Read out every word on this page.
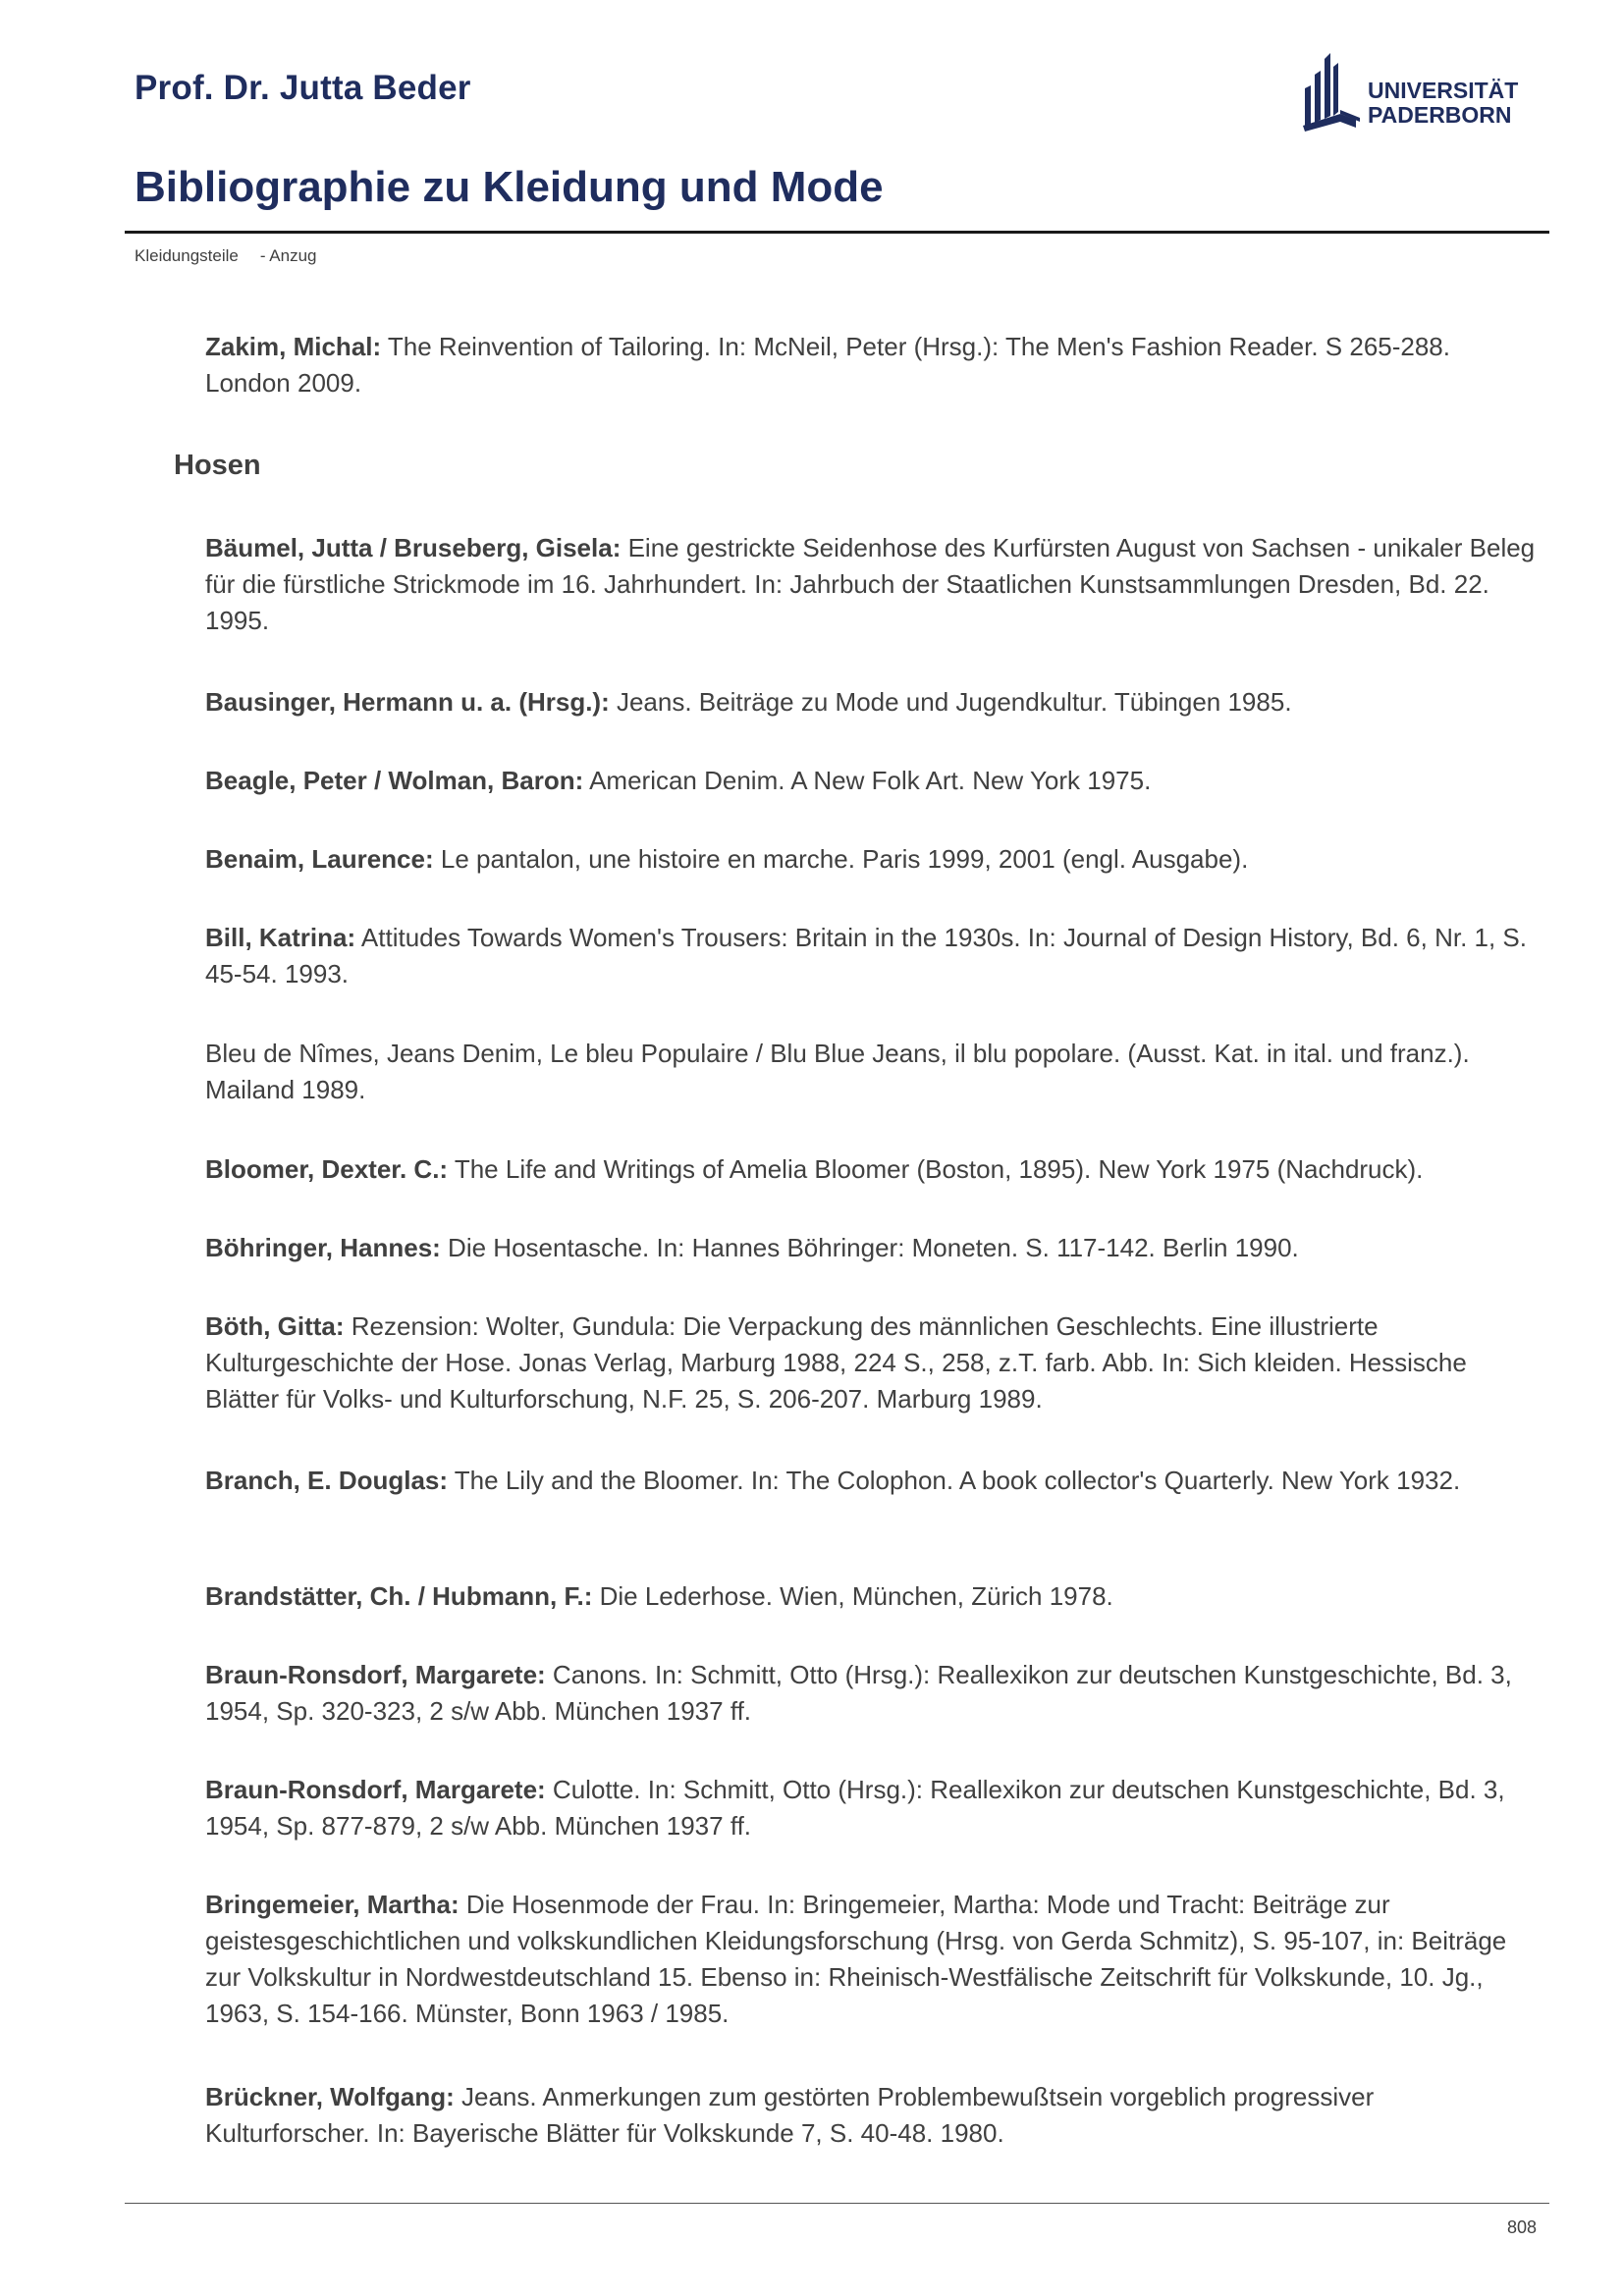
Prof. Dr. Jutta Beder	UNIVERSITÄT
PADERBORN
Bibliographie zu Kleidung und Mode
Kleidungsteile - Anzug
Zakim, Michal: The Reinvention of Tailoring. In: McNeil, Peter (Hrsg.): The Men's Fashion Reader. S 265-288. London 2009.
Hosen
Bäumel, Jutta / Bruseberg, Gisela: Eine gestrickte Seidenhose des Kurfürsten August von Sachsen - unikaler Beleg für die fürstliche Strickmode im 16. Jahrhundert. In: Jahrbuch der Staatlichen Kunstsammlungen Dresden, Bd. 22. 1995.
Bausinger, Hermann u. a. (Hrsg.): Jeans. Beiträge zu Mode und Jugendkultur. Tübingen 1985.
Beagle, Peter / Wolman, Baron: American Denim. A New Folk Art. New York 1975.
Benaim, Laurence: Le pantalon, une histoire en marche. Paris 1999, 2001 (engl. Ausgabe).
Bill, Katrina: Attitudes Towards Women's Trousers: Britain in the 1930s. In: Journal of Design History, Bd. 6, Nr. 1, S. 45-54. 1993.
Bleu de Nîmes, Jeans Denim, Le bleu Populaire / Blu Blue Jeans, il blu popolare. (Ausst. Kat. in ital. und franz.). Mailand 1989.
Bloomer, Dexter. C.: The Life and Writings of Amelia Bloomer (Boston, 1895). New York 1975 (Nachdruck).
Böhringer, Hannes: Die Hosentasche. In: Hannes Böhringer: Moneten. S. 117-142. Berlin 1990.
Böth, Gitta: Rezension: Wolter, Gundula: Die Verpackung des männlichen Geschlechts. Eine illustrierte Kulturgeschichte der Hose. Jonas Verlag, Marburg 1988, 224 S., 258, z.T. farb. Abb. In: Sich kleiden. Hessische Blätter für Volks- und Kulturforschung, N.F. 25, S. 206-207. Marburg 1989.
Branch, E. Douglas: The Lily and the Bloomer. In: The Colophon. A book collector's Quarterly. New York 1932.
Brandstätter, Ch. / Hubmann, F.: Die Lederhose. Wien, München, Zürich 1978.
Braun-Ronsdorf, Margarete: Canons. In: Schmitt, Otto (Hrsg.): Reallexikon zur deutschen Kunstgeschichte, Bd. 3, 1954, Sp. 320-323, 2 s/w Abb. München 1937 ff.
Braun-Ronsdorf, Margarete: Culotte. In: Schmitt, Otto (Hrsg.): Reallexikon zur deutschen Kunstgeschichte, Bd. 3, 1954, Sp. 877-879, 2 s/w Abb. München 1937 ff.
Bringemeier, Martha: Die Hosenmode der Frau. In: Bringemeier, Martha: Mode und Tracht: Beiträge zur geistesgeschichtlichen und volkskundlichen Kleidungsforschung (Hrsg. von Gerda Schmitz), S. 95-107, in: Beiträge zur Volkskultur in Nordwestdeutschland 15. Ebenso in: Rheinisch-Westfälische Zeitschrift für Volkskunde, 10. Jg., 1963, S. 154-166. Münster, Bonn 1963 / 1985.
Brückner, Wolfgang: Jeans. Anmerkungen zum gestörten Problembewußtsein vorgeblich progressiver Kulturforscher. In: Bayerische Blätter für Volkskunde 7, S. 40-48. 1980.
808
